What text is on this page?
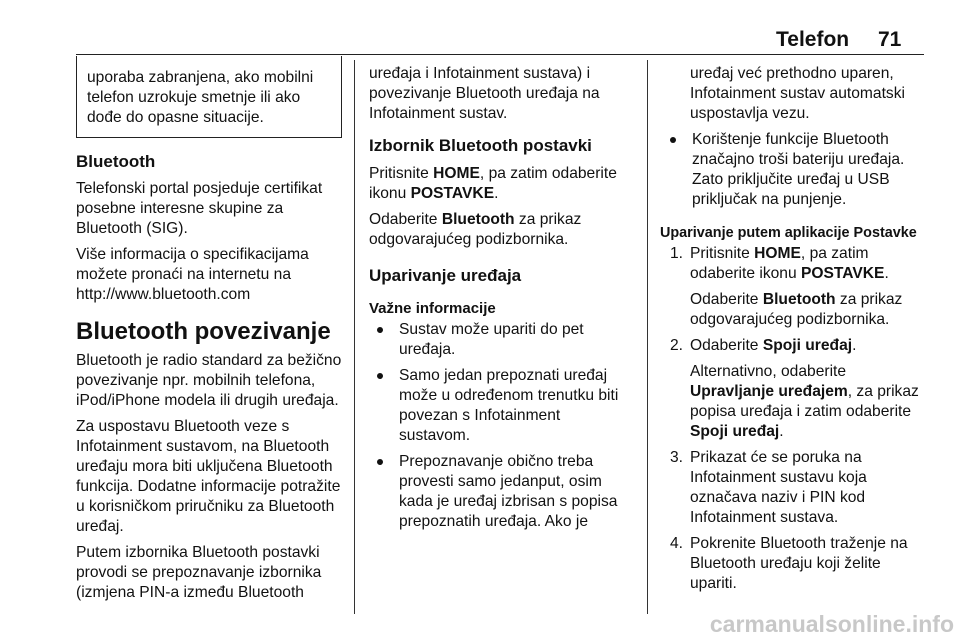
Telefon 71

uporaba zabranjena, ako mobilni telefon uzrokuje smetnje ili ako dođe do opasne situacije.

Bluetooth

Telefonski portal posjeduje certifikat posebne interesne skupine za Bluetooth (SIG).

Više informacija o specifikacijama možete pronaći na internetu na http://www.bluetooth.com

Bluetooth povezivanje

Bluetooth je radio standard za bežično povezivanje npr. mobilnih telefona, iPod/iPhone modela ili drugih uređaja.

Za uspostavu Bluetooth veze s Infotainment sustavom, na Bluetooth uređaju mora biti uključena Bluetooth funkcija. Dodatne informacije potražite u korisničkom priručniku za Bluetooth uređaj.

Putem izbornika Bluetooth postavki provodi se prepoznavanje izbornika (izmjena PIN-a između Bluetooth

uređaja i Infotainment sustava) i povezivanje Bluetooth uređaja na Infotainment sustav.

Izbornik Bluetooth postavki

Pritisnite HOME, pa zatim odaberite ikonu POSTAVKE.

Odaberite Bluetooth za prikaz odgovarajućeg podizbornika.

Uparivanje uređaja

Važne informacije

Sustav može upariti do pet uređaja.

Samo jedan prepoznati uređaj može u određenom trenutku biti povezan s Infotainment sustavom.

Prepoznavanje obično treba provesti samo jedanput, osim kada je uređaj izbrisan s popisa prepoznatih uređaja. Ako je

uređaj već prethodno uparen, Infotainment sustav automatski uspostavlja vezu.

Korištenje funkcije Bluetooth značajno troši bateriju uređaja. Zato priključite uređaj u USB priključak na punjenje.

Uparivanje putem aplikacije Postavke

1. Pritisnite HOME, pa zatim odaberite ikonu POSTAVKE.

Odaberite Bluetooth za prikaz odgovarajućeg podizbornika.

2. Odaberite Spoji uređaj.

Alternativno, odaberite Upravljanje uređajem, za prikaz popisa uređaja i zatim odaberite Spoji uređaj.

3. Prikazat će se poruka na Infotainment sustavu koja označava naziv i PIN kod Infotainment sustava.

4. Pokrenite Bluetooth traženje na Bluetooth uređaju koji želite upariti.

carmanualsonline.info
